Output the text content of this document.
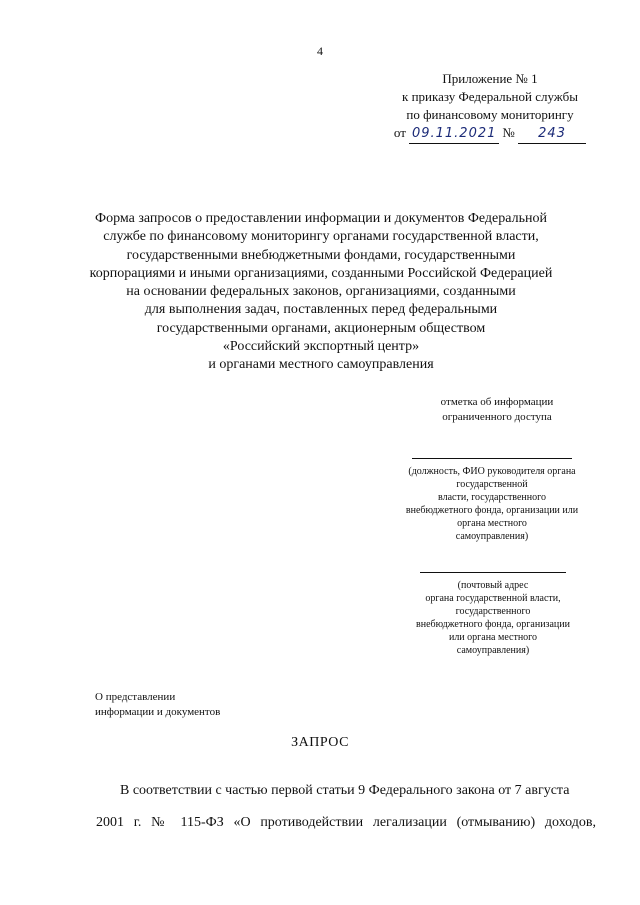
4
Приложение № 1
к приказу Федеральной службы
по финансовому мониторингу
от 09.11.2021 № 243
Форма запросов о предоставлении информации и документов Федеральной
службе по финансовому мониторингу органами государственной власти,
государственными внебюджетными фондами, государственными
корпорациями и иными организациями, созданными Российской Федерацией
на основании федеральных законов, организациями, созданными
для выполнения задач, поставленных перед федеральными
государственными органами, акционерным обществом
«Российский экспортный центр»
и органами местного самоуправления
отметка об информации
ограниченного доступа
(должность, ФИО руководителя органа
государственной
власти, государственного
внебюджетного фонда, организации или
органа местного
самоуправления)
(почтовый адрес
органа государственной власти,
государственного
внебюджетного фонда, организации
или органа местного
самоуправления)
О представлении
информации и документов
ЗАПРОС
В соответствии с частью первой статьи 9 Федерального закона от 7 августа
2001 г. № 115-ФЗ «О противодействии легализации (отмыванию) доходов,
